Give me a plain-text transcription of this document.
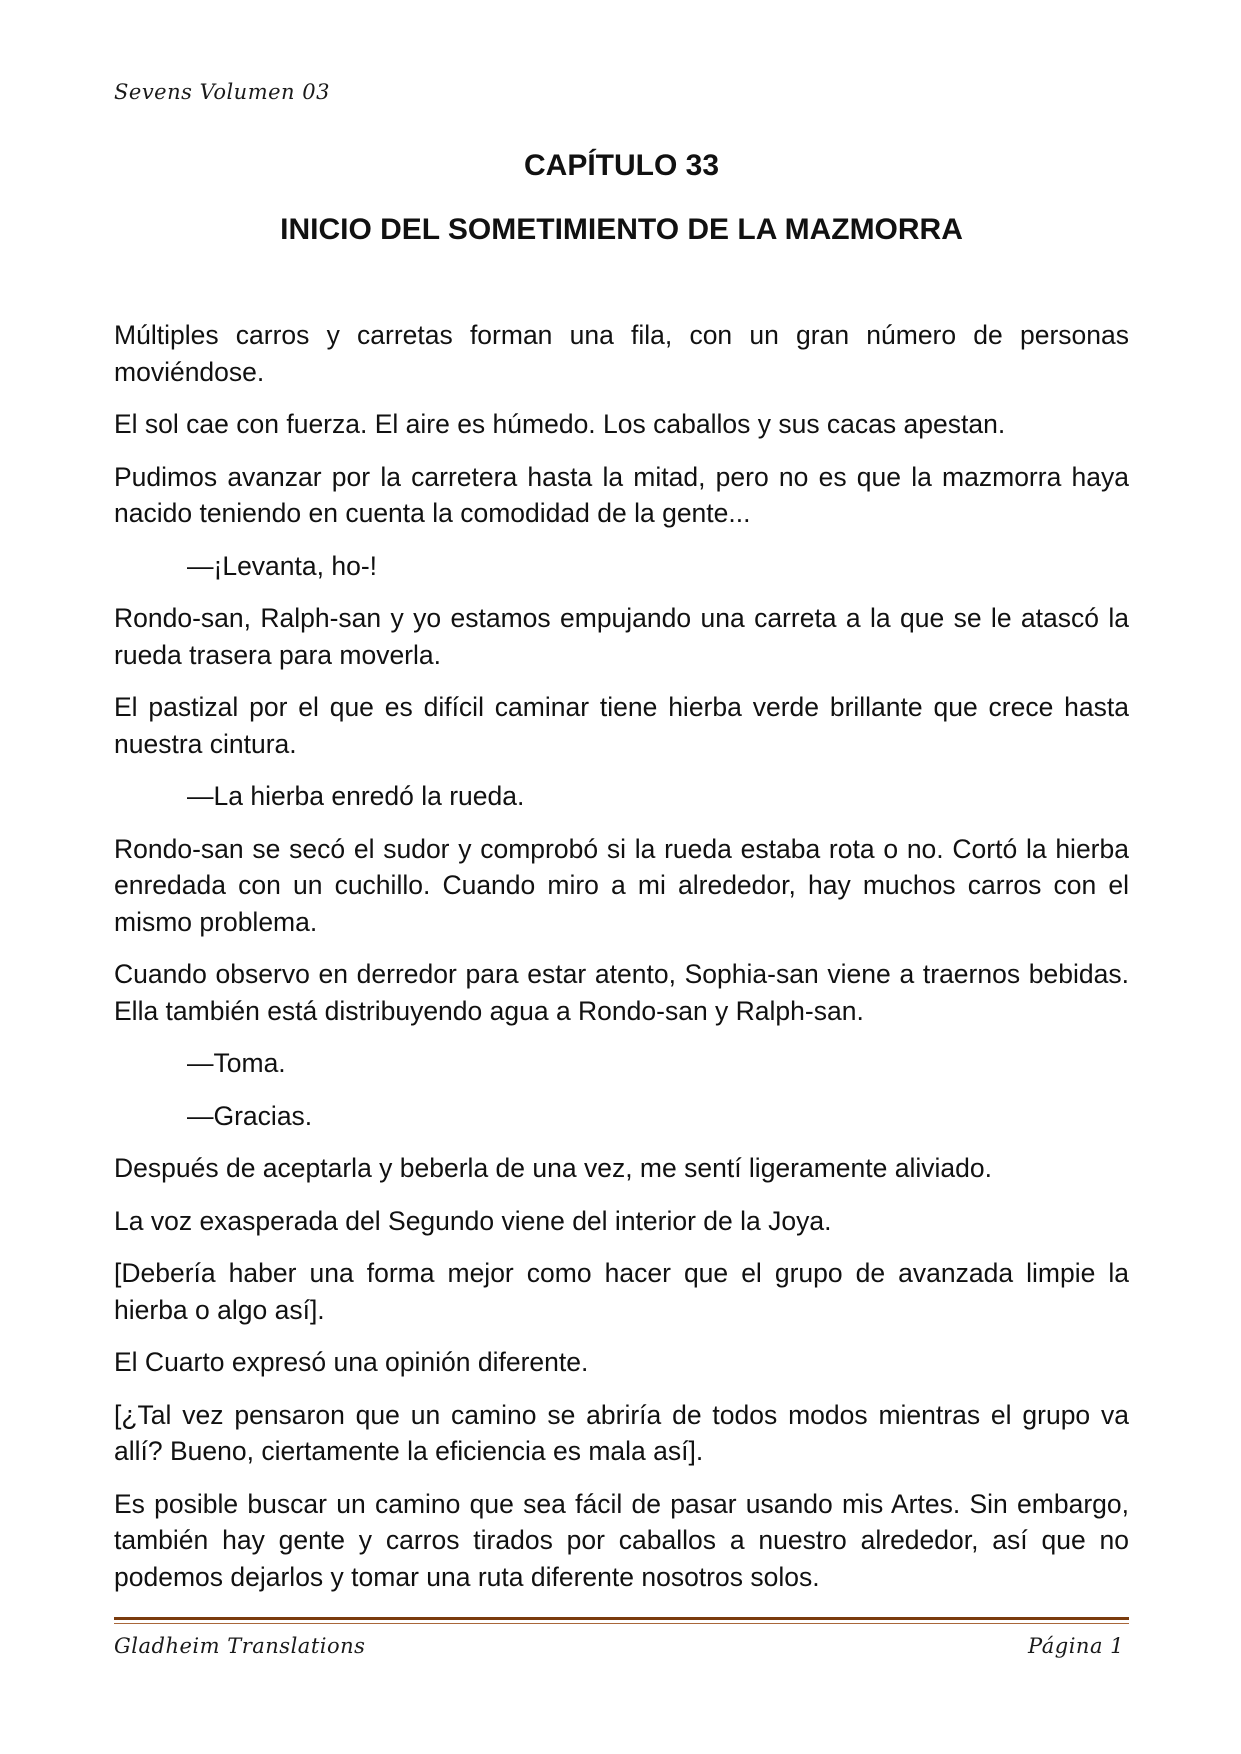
Sevens Volumen 03
CAPÍTULO 33
INICIO DEL SOMETIMIENTO DE LA MAZMORRA

Múltiples carros y carretas forman una fila, con un gran número de personas moviéndose.

El sol cae con fuerza. El aire es húmedo. Los caballos y sus cacas apestan.

Pudimos avanzar por la carretera hasta la mitad, pero no es que la mazmorra haya nacido teniendo en cuenta la comodidad de la gente...

—¡Levanta, ho-!

Rondo-san, Ralph-san y yo estamos empujando una carreta a la que se le atascó la rueda trasera para moverla.

El pastizal por el que es difícil caminar tiene hierba verde brillante que crece hasta nuestra cintura.

—La hierba enredó la rueda.

Rondo-san se secó el sudor y comprobó si la rueda estaba rota o no. Cortó la hierba enredada con un cuchillo. Cuando miro a mi alrededor, hay muchos carros con el mismo problema.

Cuando observo en derredor para estar atento, Sophia-san viene a traernos bebidas. Ella también está distribuyendo agua a Rondo-san y Ralph-san.

—Toma.

—Gracias.

Después de aceptarla y beberla de una vez, me sentí ligeramente aliviado.

La voz exasperada del Segundo viene del interior de la Joya.

[Debería haber una forma mejor como hacer que el grupo de avanzada limpie la hierba o algo así].

El Cuarto expresó una opinión diferente.

[¿Tal vez pensaron que un camino se abriría de todos modos mientras el grupo va allí? Bueno, ciertamente la eficiencia es mala así].

Es posible buscar un camino que sea fácil de pasar usando mis Artes. Sin embargo, también hay gente y carros tirados por caballos a nuestro alrededor, así que no podemos dejarlos y tomar una ruta diferente nosotros solos.

Gladheim Translations	Página 1
